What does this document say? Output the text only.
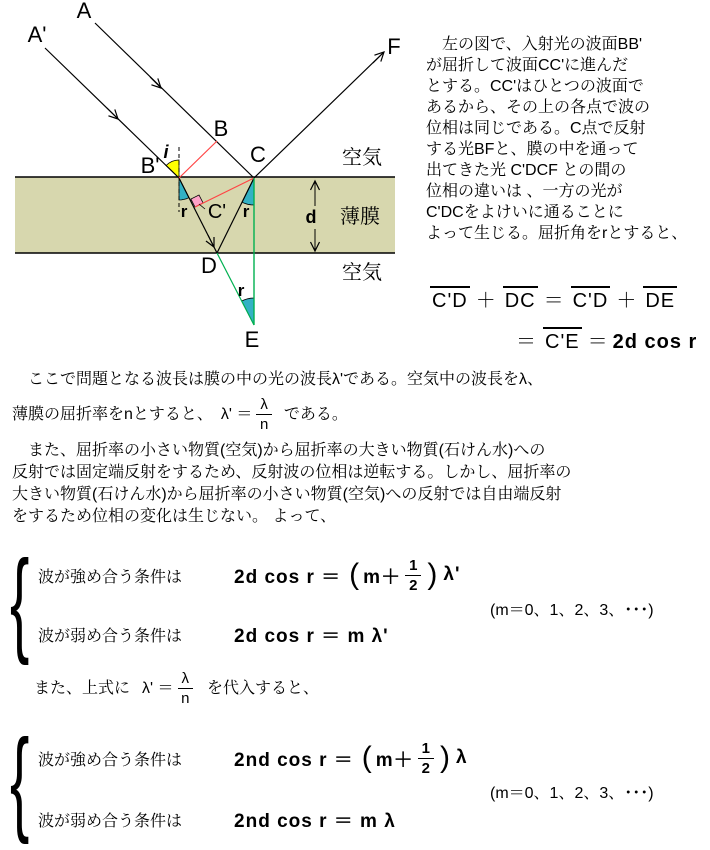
A
A'
B
B'	C
C'
D
E
F
i
r	r
r
d
空気
薄膜
空気
　左の図で、入射光の波面BB'
が屈折して波面CC'に進んだ
とする。CC'はひとつの波面で
あるから、その上の各点で波の
位相は同じである。C点で反射
する光BFと、膜の中を通って
出てきた光 C'DCF との間の
位相の違いは 、一方の光が
C'DCをよけいに通ることに
よって生じる。屈折角をrとすると、
C'D ＋ DC ＝ C'D ＋ DE
＝ C'E ＝ 2d cos r
　ここで問題となる波長は膜の中の光の波長λ'である。空気中の波長をλ、
薄膜の屈折率をnとすると、 $\lambda' = \frac{\lambda}{n}$ である。
　また、屈折率の小さい物質(空気)から屈折率の大きい物質(石けん水)への
反射では固定端反射をするため、反射波の位相は逆転する。しかし、屈折率の
大きい物質(石けん水)から屈折率の小さい物質(空気)への反射では自由端反射
をするため位相の変化は生じない。 よって、
{ 波が強め合う条件は	2d cos r ＝ ( $m+ \frac{1}{2}$ ) λ'
(m＝0、1、2、3、･･･)
波が弱め合う条件は	2d cos r ＝ m λ'
また、上式に $\lambda' = \frac{\lambda}{n}$ を代入すると、
{ 波が強め合う条件は	2nd cos r ＝ ( $m+ \frac{1}{2}$ ) λ
(m＝0、1、2、3、･･･)
波が弱め合う条件は	2nd cos r ＝ m λ
